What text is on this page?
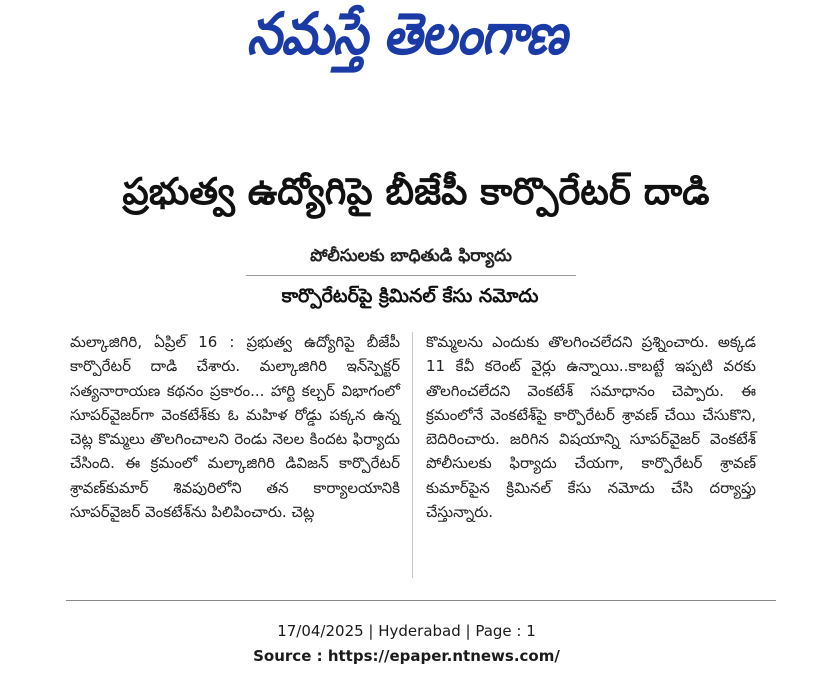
నమస్తే తెలంగాణ
ప్రభుత్వ ఉద్యోగిపై బీజేపీ కార్పొరేటర్ దాడి
పోలీసులకు బాధితుడి ఫిర్యాదు
కార్పొరేటర్‌పై క్రిమినల్ కేసు నమోదు

మల్కాజిగిరి, ఏప్రిల్ 16 : ప్రభుత్వ ఉద్యోగిపై బీజేపీ కార్పొరేటర్ దాడి చేశారు. మల్కాజిగిరి ఇన్‌స్పెక్టర్ సత్యనారాయణ కథనం ప్రకారం... హార్టి కల్చర్ విభాగంలో సూపర్‌వైజర్‌గా వెంకటేశ్‌కు ఓ మహిళ రోడ్డు పక్కన ఉన్న చెట్ల కొమ్మలు తొలగించాలని రెండు నెలల కిందట ఫిర్యాదు చేసింది. ఈ క్రమంలో మల్కాజిగిరి డివిజన్ కార్పొరేటర్ శ్రావణ్‌కుమార్ శివపురిలోని తన కార్యాలయానికి సూపర్‌వైజర్ వెంకటేశ్‌ను పిలిపించారు. చెట్ల

కొమ్మలను ఎందుకు తొలగించలేదని ప్రశ్నించారు. అక్కడ 11 కేవీ కరెంట్ వైర్లు ఉన్నాయి..కాబట్టే ఇప్పటి వరకు తొలగించలేదని వెంకటేశ్ సమాధానం చెప్పారు. ఈ క్రమంలోనే వెంకటేశ్‌పై కార్పొరేటర్ శ్రావణ్ చేయి చేసుకొని, బెదిరించారు. జరిగిన విషయాన్ని సూపర్‌వైజర్ వెంకటేశ్ పోలీసులకు ఫిర్యాదు చేయగా, కార్పొరేటర్ శ్రావణ్ కుమార్‌పైన క్రిమినల్ కేసు నమోదు చేసి దర్యాప్తు చేస్తున్నారు.

17/04/2025 | Hyderabad | Page : 1
Source : https://epaper.ntnews.com/
